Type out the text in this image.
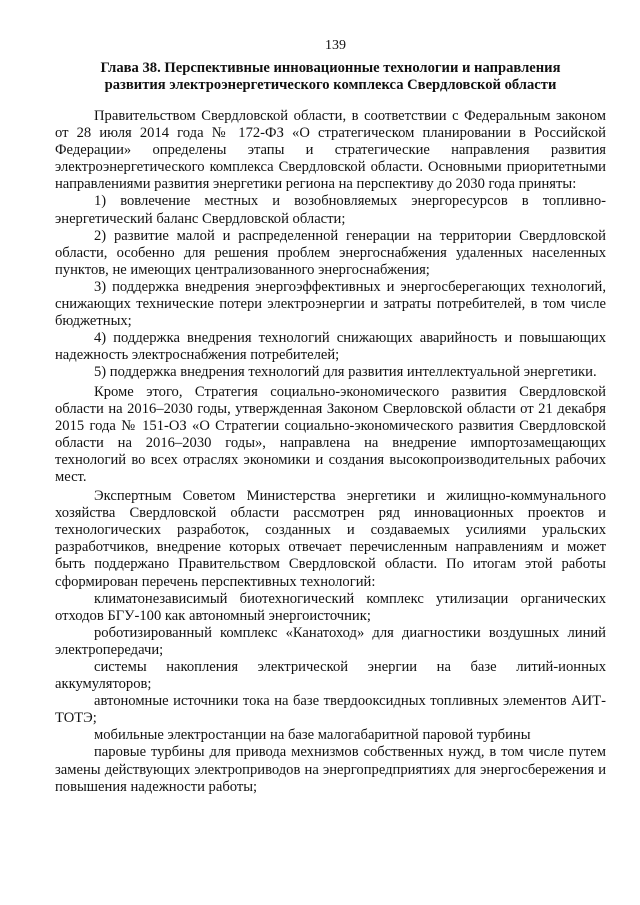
139
Глава 38. Перспективные инновационные технологии и направления
развития электроэнергетического комплекса Свердловской области

Правительством Свердловской области, в соответствии с Федеральным законом от 28 июля 2014 года № 172-ФЗ «О стратегическом планировании в Российской Федерации» определены этапы и стратегические направления развития электроэнергетического комплекса Свердловской области. Основными приоритетными направлениями развития энергетики региона на перспективу до 2030 года приняты:

1) вовлечение местных и возобновляемых энергоресурсов в топливно-энергетический баланс Свердловской области;

2) развитие малой и распределенной генерации на территории Свердловской области, особенно для решения проблем энергоснабжения удаленных населенных пунктов, не имеющих централизованного энергоснабжения;

3) поддержка внедрения энергоэффективных и энергосберегающих технологий, снижающих технические потери электроэнергии и затраты потребителей, в том числе бюджетных;

4) поддержка внедрения технологий снижающих аварийность и повышающих надежность электроснабжения потребителей;

5) поддержка внедрения технологий для развития интеллектуальной энергетики.

Кроме этого, Стратегия социально-экономического развития Свердловской области на 2016–2030 годы, утвержденная Законом Сверловской области от 21 декабря 2015 года № 151-ОЗ «О Стратегии социально-экономического развития Свердловской области на 2016–2030 годы», направлена на внедрение импортозамещающих технологий во всех отраслях экономики и создания высокопроизводительных рабочих мест.

Экспертным Советом Министерства энергетики и жилищно-коммунального хозяйства Свердловской области рассмотрен ряд инновационных проектов и технологических разработок, созданных и создаваемых усилиями уральских разработчиков, внедрение которых отвечает перечисленным направлениям и может быть поддержано Правительством Свердловской области. По итогам этой работы сформирован перечень перспективных технологий:

климатонезависимый биотехногический комплекс утилизации органических отходов БГУ-100 как автономный энергоисточник;

роботизированный комплекс «Канатоход» для диагностики воздушных линий электропередачи;

системы накопления электрической энергии на базе литий-ионных аккумуляторов;

автономные источники тока на базе твердооксидных топливных элементов АИТ-ТОТЭ;

мобильные электростанции на базе малогабаритной паровой турбины

паровые турбины для привода мехнизмов собственных нужд, в том числе путем замены действующих электроприводов на энергопредприятиях для энергосбережения и повышения надежности работы;
